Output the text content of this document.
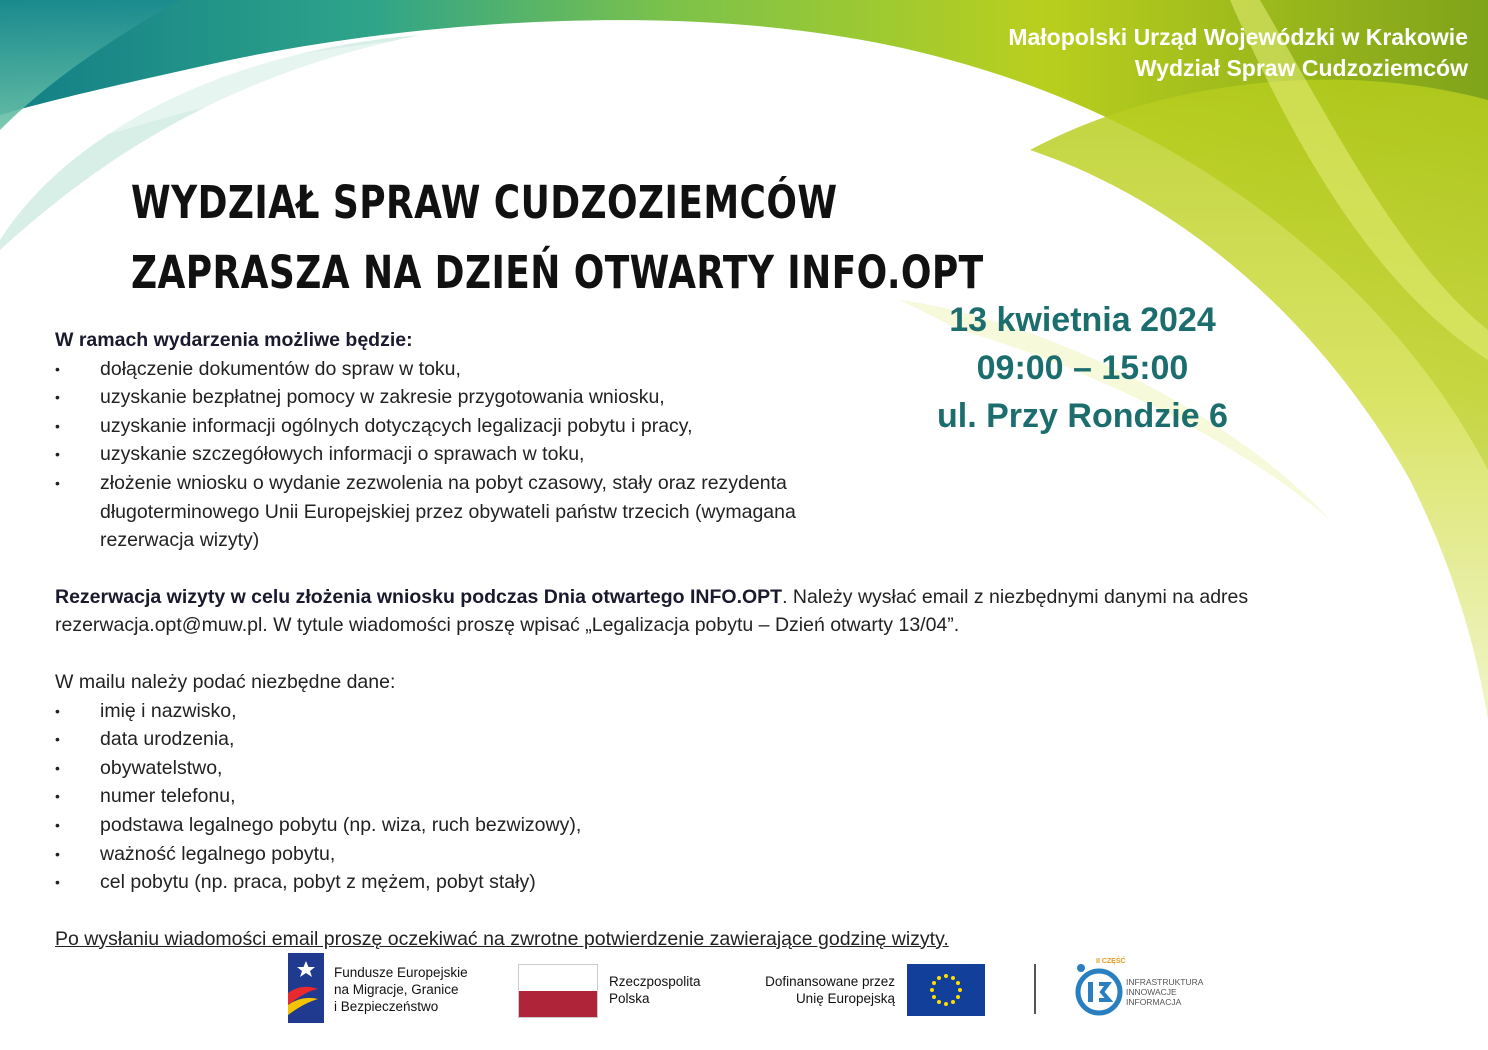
Małopolski Urząd Wojewódzki w Krakowie
Wydział Spraw Cudzoziemców
WYDZIAŁ SPRAW CUDZOZIEMCÓW
ZAPRASZA NA DZIEŃ OTWARTY INFO.OPT
13 kwietnia 2024
09:00 – 15:00
ul. Przy Rondzie 6

W ramach wydarzenia możliwe będzie:

• dołączenie dokumentów do spraw w toku,
• uzyskanie bezpłatnej pomocy w zakresie przygotowania wniosku,
• uzyskanie informacji ogólnych dotyczących legalizacji pobytu i pracy,
• uzyskanie szczegółowych informacji o sprawach w toku,
• złożenie wniosku o wydanie zezwolenia na pobyt czasowy, stały oraz rezydenta długoterminowego Unii Europejskiej przez obywateli państw trzecich (wymagana rezerwacja wizyty)

Rezerwacja wizyty w celu złożenia wniosku podczas Dnia otwartego INFO.OPT. Należy wysłać email z niezbędnymi danymi na adres rezerwacja.opt@muw.pl. W tytule wiadomości proszę wpisać „Legalizacja pobytu – Dzień otwarty 13/04”.

W mailu należy podać niezbędne dane:

• imię i nazwisko,
• data urodzenia,
• obywatelstwo,
• numer telefonu,
• podstawa legalnego pobytu (np. wiza, ruch bezwizowy),
• ważność legalnego pobytu,
• cel pobytu (np. praca, pobyt z mężem, pobyt stały)

Po wysłaniu wiadomości email proszę oczekiwać na zwrotne potwierdzenie zawierające godzinę wizyty.

Fundusze Europejskie
na Migracje, Granice
i Bezpieczeństwo
Rzeczpospolita
Polska
Dofinansowane przez
Unię Europejską
II CZĘŚĆ
INFRASTRUKTURA
INNOWACJE
INFORMACJA
